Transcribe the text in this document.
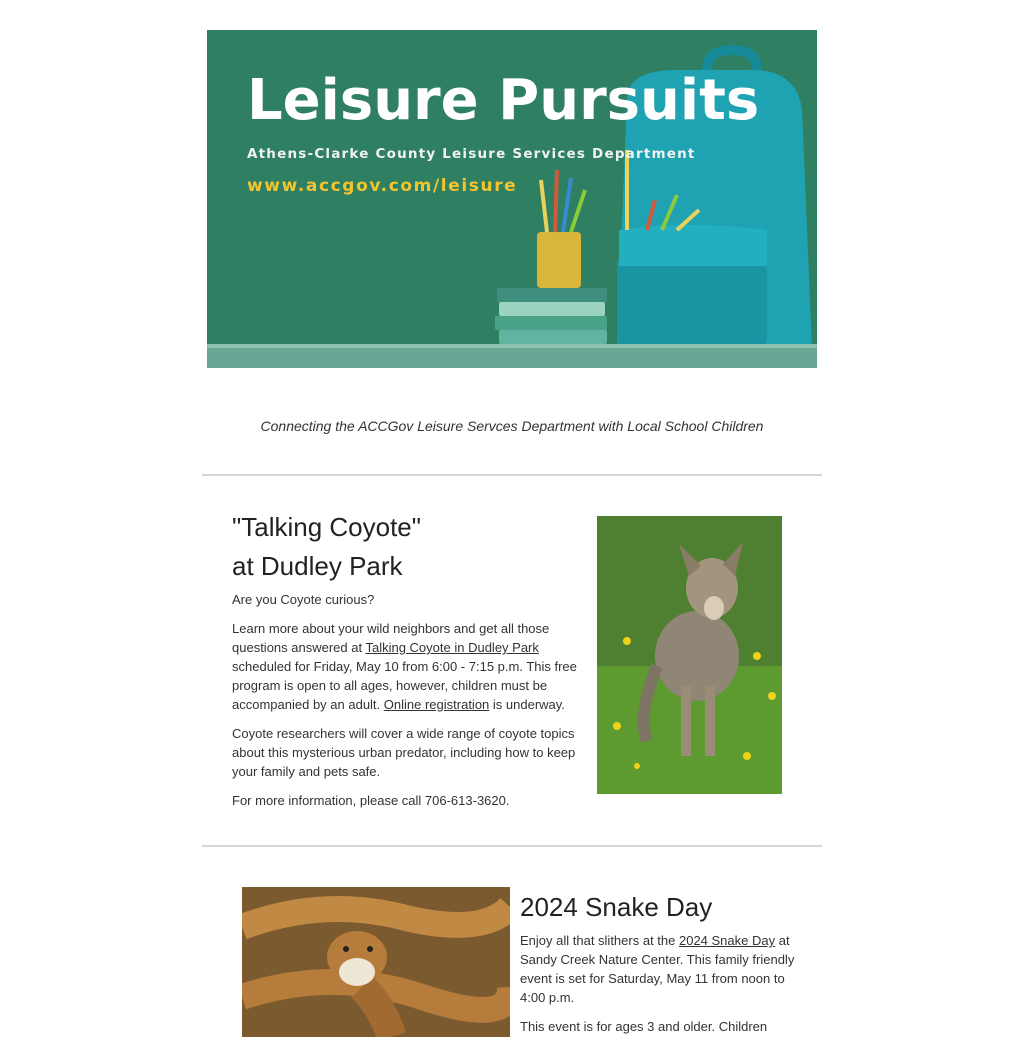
Leisure Pursuits
Athens-Clarke County Leisure Services Department
www.accgov.com/leisure
Connecting the ACCGov Leisure Servces Department with Local School Children
"Talking Coyote"
at Dudley Park

Are you Coyote curious?

Learn more about your wild neighbors and get all those questions answered at Talking Coyote in Dudley Park scheduled for Friday, May 10 from 6:00 - 7:15 p.m. This free program is open to all ages, however, children must be accompanied by an adult. Online registration is underway.

Coyote researchers will cover a wide range of coyote topics about this mysterious urban predator, including how to keep your family and pets safe.

For more information, please call 706-613-3620.

2024 Snake Day

Enjoy all that slithers at the 2024 Snake Day at Sandy Creek Nature Center. This family friendly event is set for Saturday, May 11 from noon to 4:00 p.m.

This event is for ages 3 and older. Children
